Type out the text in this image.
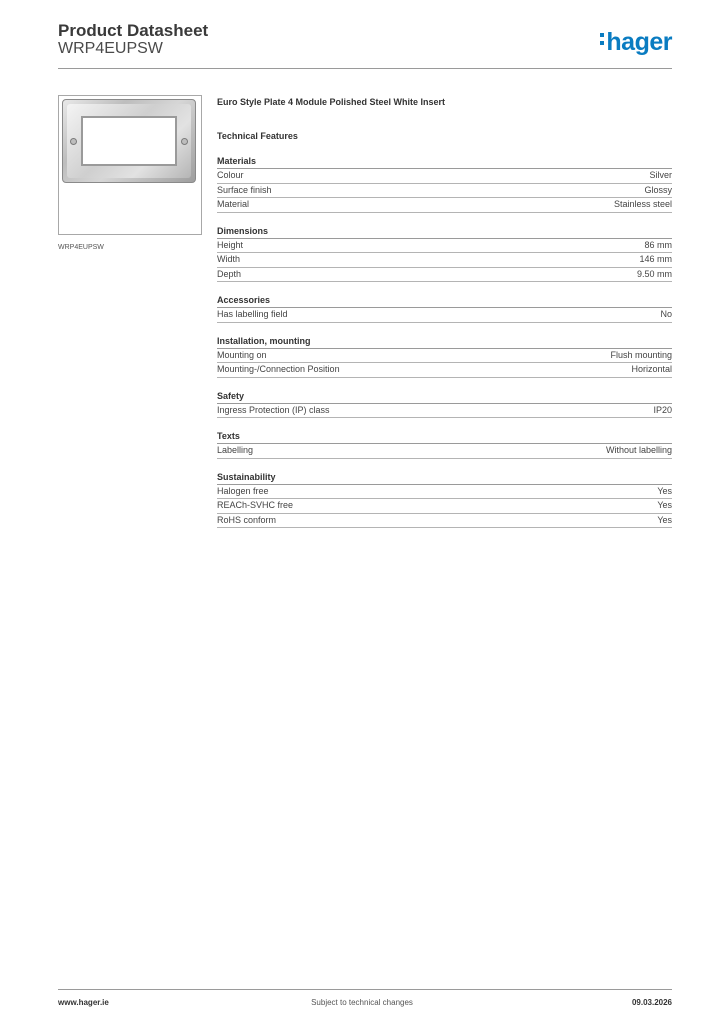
Product Datasheet
WRP4EUPSW	hager
WRP4EUPSW
Euro Style Plate 4 Module Polished Steel White Insert
Technical Features
Materials
Colour	Silver
Surface finish	Glossy
Material	Stainless steel
Dimensions
Height	86 mm
Width	146 mm
Depth	9.50 mm
Accessories
Has labelling field	No
Installation, mounting
Mounting on	Flush mounting
Mounting-/Connection Position	Horizontal
Safety
Ingress Protection (IP) class	IP20
Texts
Labelling	Without labelling
Sustainability
Halogen free	Yes
REACh-SVHC free	Yes
RoHS conform	Yes
www.hager.ie	Subject to technical changes	09.03.2026
